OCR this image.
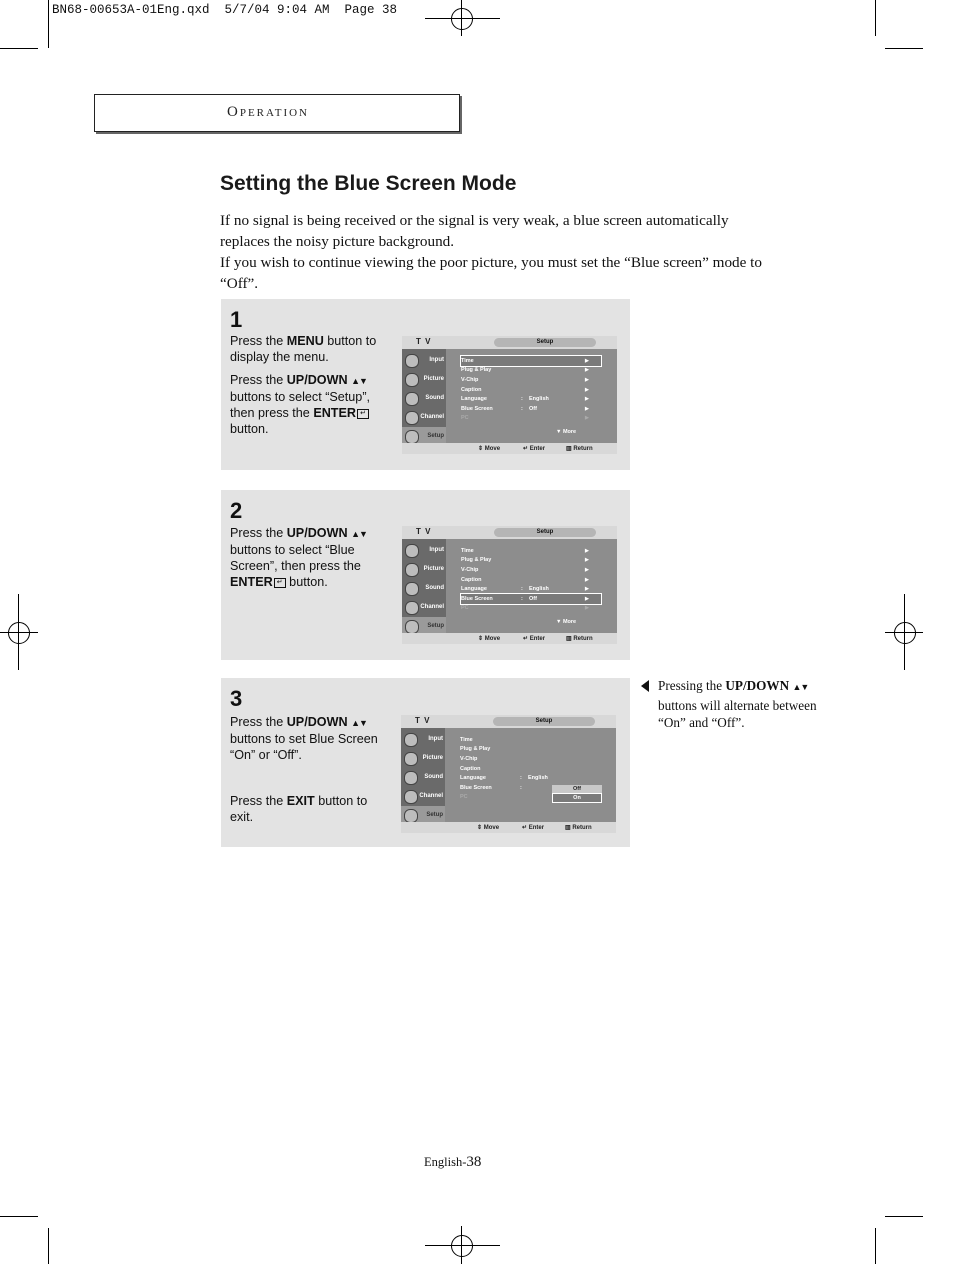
BN68-00653A-01Eng.qxd  5/7/04 9:04 AM  Page 38
Operation
Setting the Blue Screen Mode

If no signal is being received or the signal is very weak, a blue screen automatically replaces the noisy picture background.

If you wish to continue viewing the poor picture, you must set the “Blue screen” mode to “Off”.

1

Press the MENU button to display the menu.

Press the UP/DOWN ▲▼ buttons to select “Setup”, then press the ENTER ↵ button.

T V	Setup
Input
Picture
Sound
Channel
Setup
Time	▶
Plug & Play	▶
V-Chip	▶
Caption	▶
Language	: English	▶
Blue Screen	: Off	▶
PC	▶
▼ More
⇕ Move	↵ Enter	▥ Return
2

Press the UP/DOWN ▲▼ buttons to select “Blue Screen”, then press the ENTER ↵ button.

T V	Setup
Input
Picture
Sound
Channel
Setup
Time	▶
Plug & Play	▶
V-Chip	▶
Caption	▶
Language	: English	▶
Blue Screen	: Off	▶
PC	▶
▼ More
⇕ Move	↵ Enter	▥ Return
3

Press the UP/DOWN ▲▼ buttons to set Blue Screen “On” or “Off”.

Press the EXIT button to exit.

T V	Setup
Input
Picture
Sound
Channel
Setup
Time
Plug & Play
V-Chip
Caption
Language	: English
Blue Screen	:
PC
Off
On
⇕ Move	↵ Enter	▥ Return

Pressing the UP/DOWN ▲▼ buttons will alternate between “On” and “Off”.

English-38
